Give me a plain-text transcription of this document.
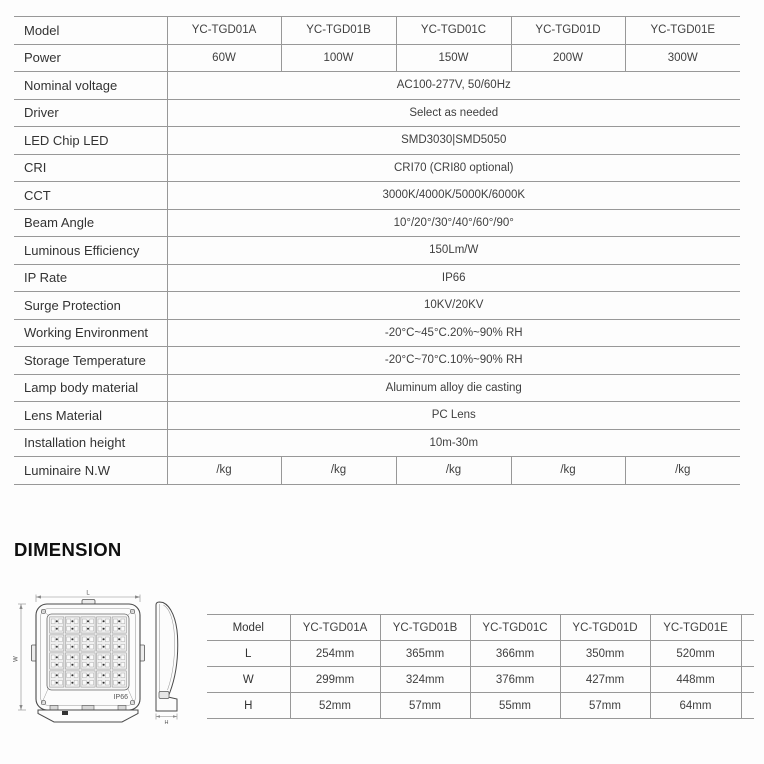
Model	YC-TGD01A	YC-TGD01B	YC-TGD01C	YC-TGD01D	YC-TGD01E
Power	60W	100W	150W	200W	300W
Nominal voltage	AC100-277V, 50/60Hz				
Driver	Select as needed				
LED Chip LED	SMD3030|SMD5050				
CRI	CRI70 (CRI80 optional)				
CCT	3000K/4000K/5000K/6000K				
Beam Angle	10°/20°/30°/40°/60°/90°				
Luminous Efficiency	150Lm/W				
IP Rate	IP66				
Surge Protection	10KV/20KV				
Working Environment	-20°C~45°C.20%~90% RH				
Storage Temperature	-20°C~70°C.10%~90% RH				
Lamp body material	Aluminum alloy die casting				
Lens Material	PC Lens				
Installation height	10m-30m				
Luminaire N.W	/kg	/kg	/kg	/kg	/kg
DIMENSION
L
W
IP66
H
Model	YC-TGD01A	YC-TGD01B	YC-TGD01C	YC-TGD01D	YC-TGD01E	
L	254mm	365mm	366mm	350mm	520mm	
W	299mm	324mm	376mm	427mm	448mm	
H	52mm	57mm	55mm	57mm	64mm	
